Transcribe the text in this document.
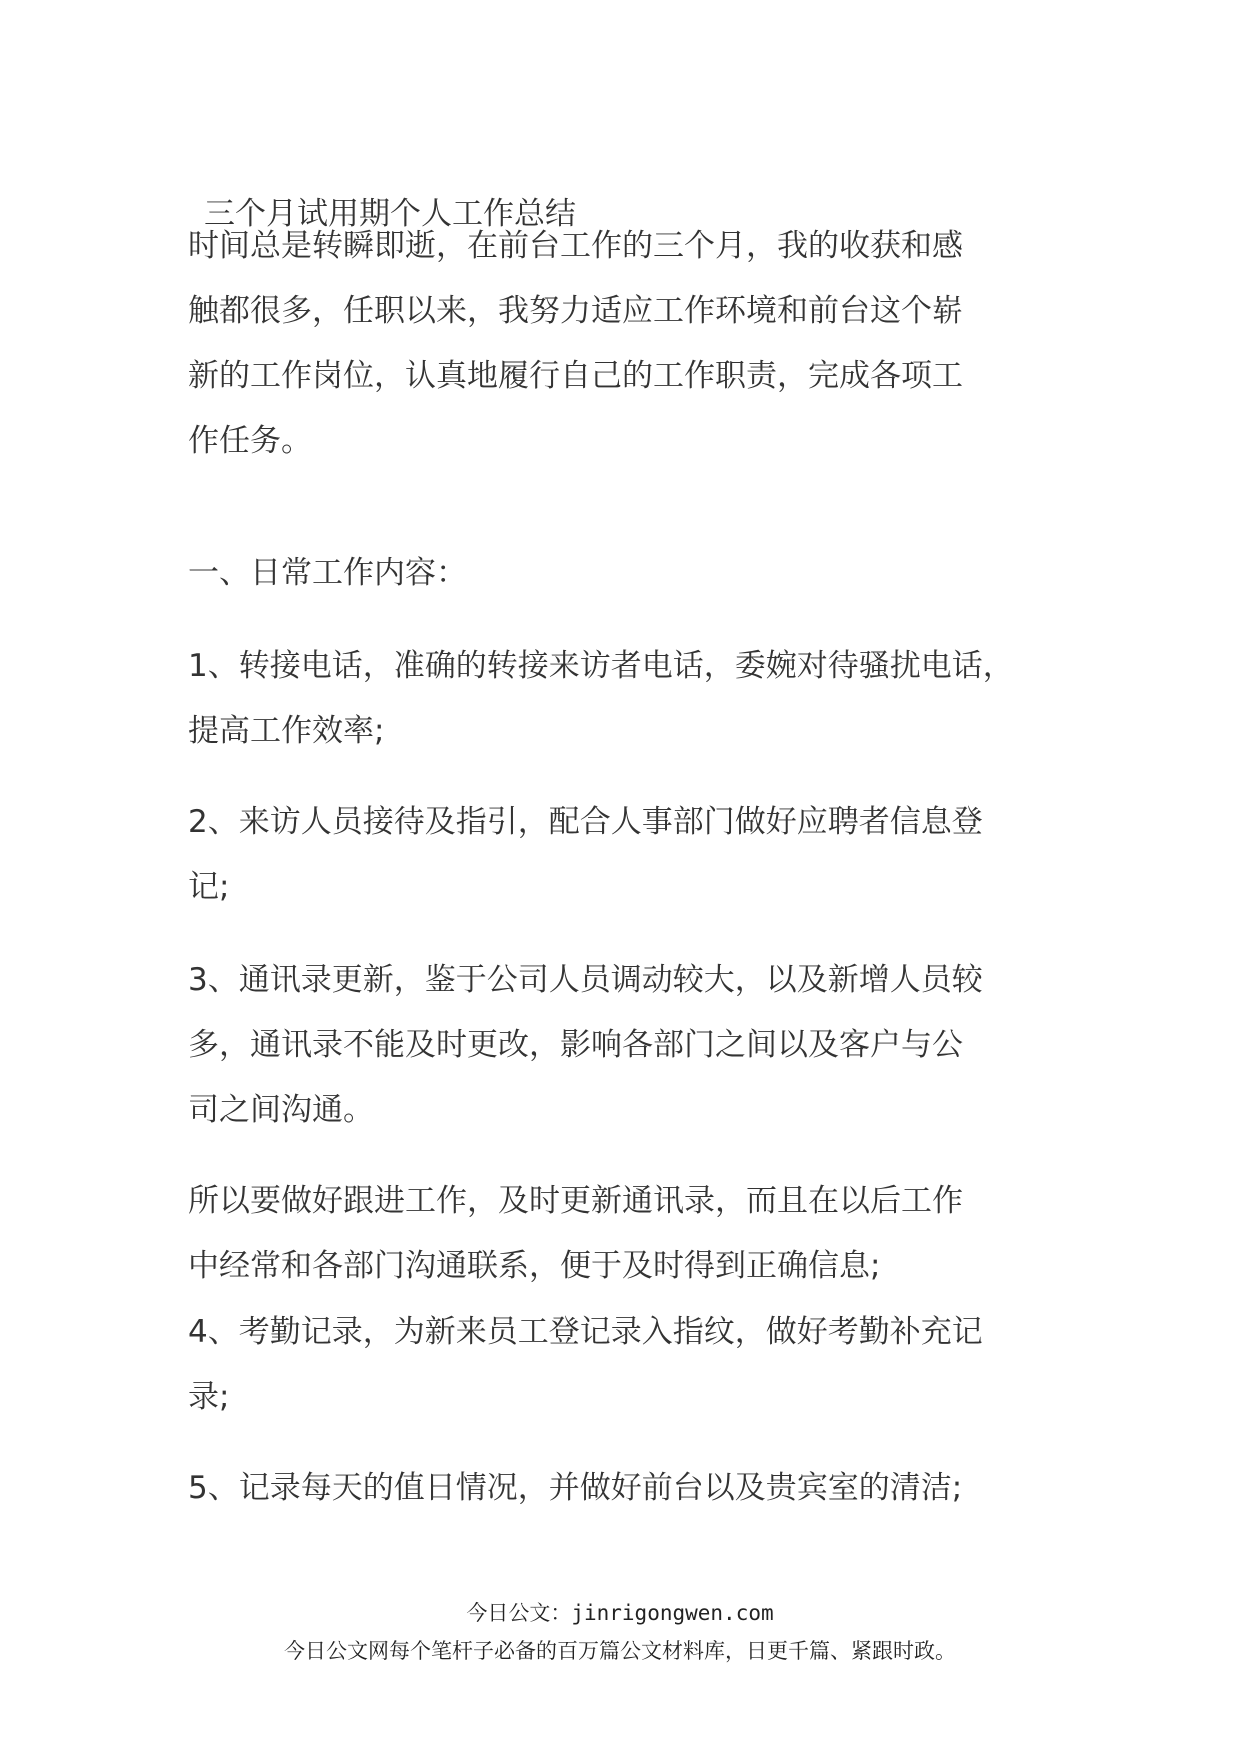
三个月试用期个人工作总结

时间总是转瞬即逝，在前台工作的三个月，我的收获和感
触都很多，任职以来，我努力适应工作环境和前台这个崭
新的工作岗位，认真地履行自己的工作职责，完成各项工
作任务。

一、日常工作内容：

1、转接电话，准确的转接来访者电话，委婉对待骚扰电话，
提高工作效率;

2、来访人员接待及指引，配合人事部门做好应聘者信息登
记;

3、通讯录更新，鉴于公司人员调动较大，以及新增人员较
多，通讯录不能及时更改，影响各部门之间以及客户与公
司之间沟通。

所以要做好跟进工作，及时更新通讯录，而且在以后工作
中经常和各部门沟通联系，便于及时得到正确信息;

4、考勤记录，为新来员工登记录入指纹，做好考勤补充记
录;

5、记录每天的值日情况，并做好前台以及贵宾室的清洁;

今日公文：jinrigongwen.com
今日公文网每个笔杆子必备的百万篇公文材料库，日更千篇、紧跟时政。
